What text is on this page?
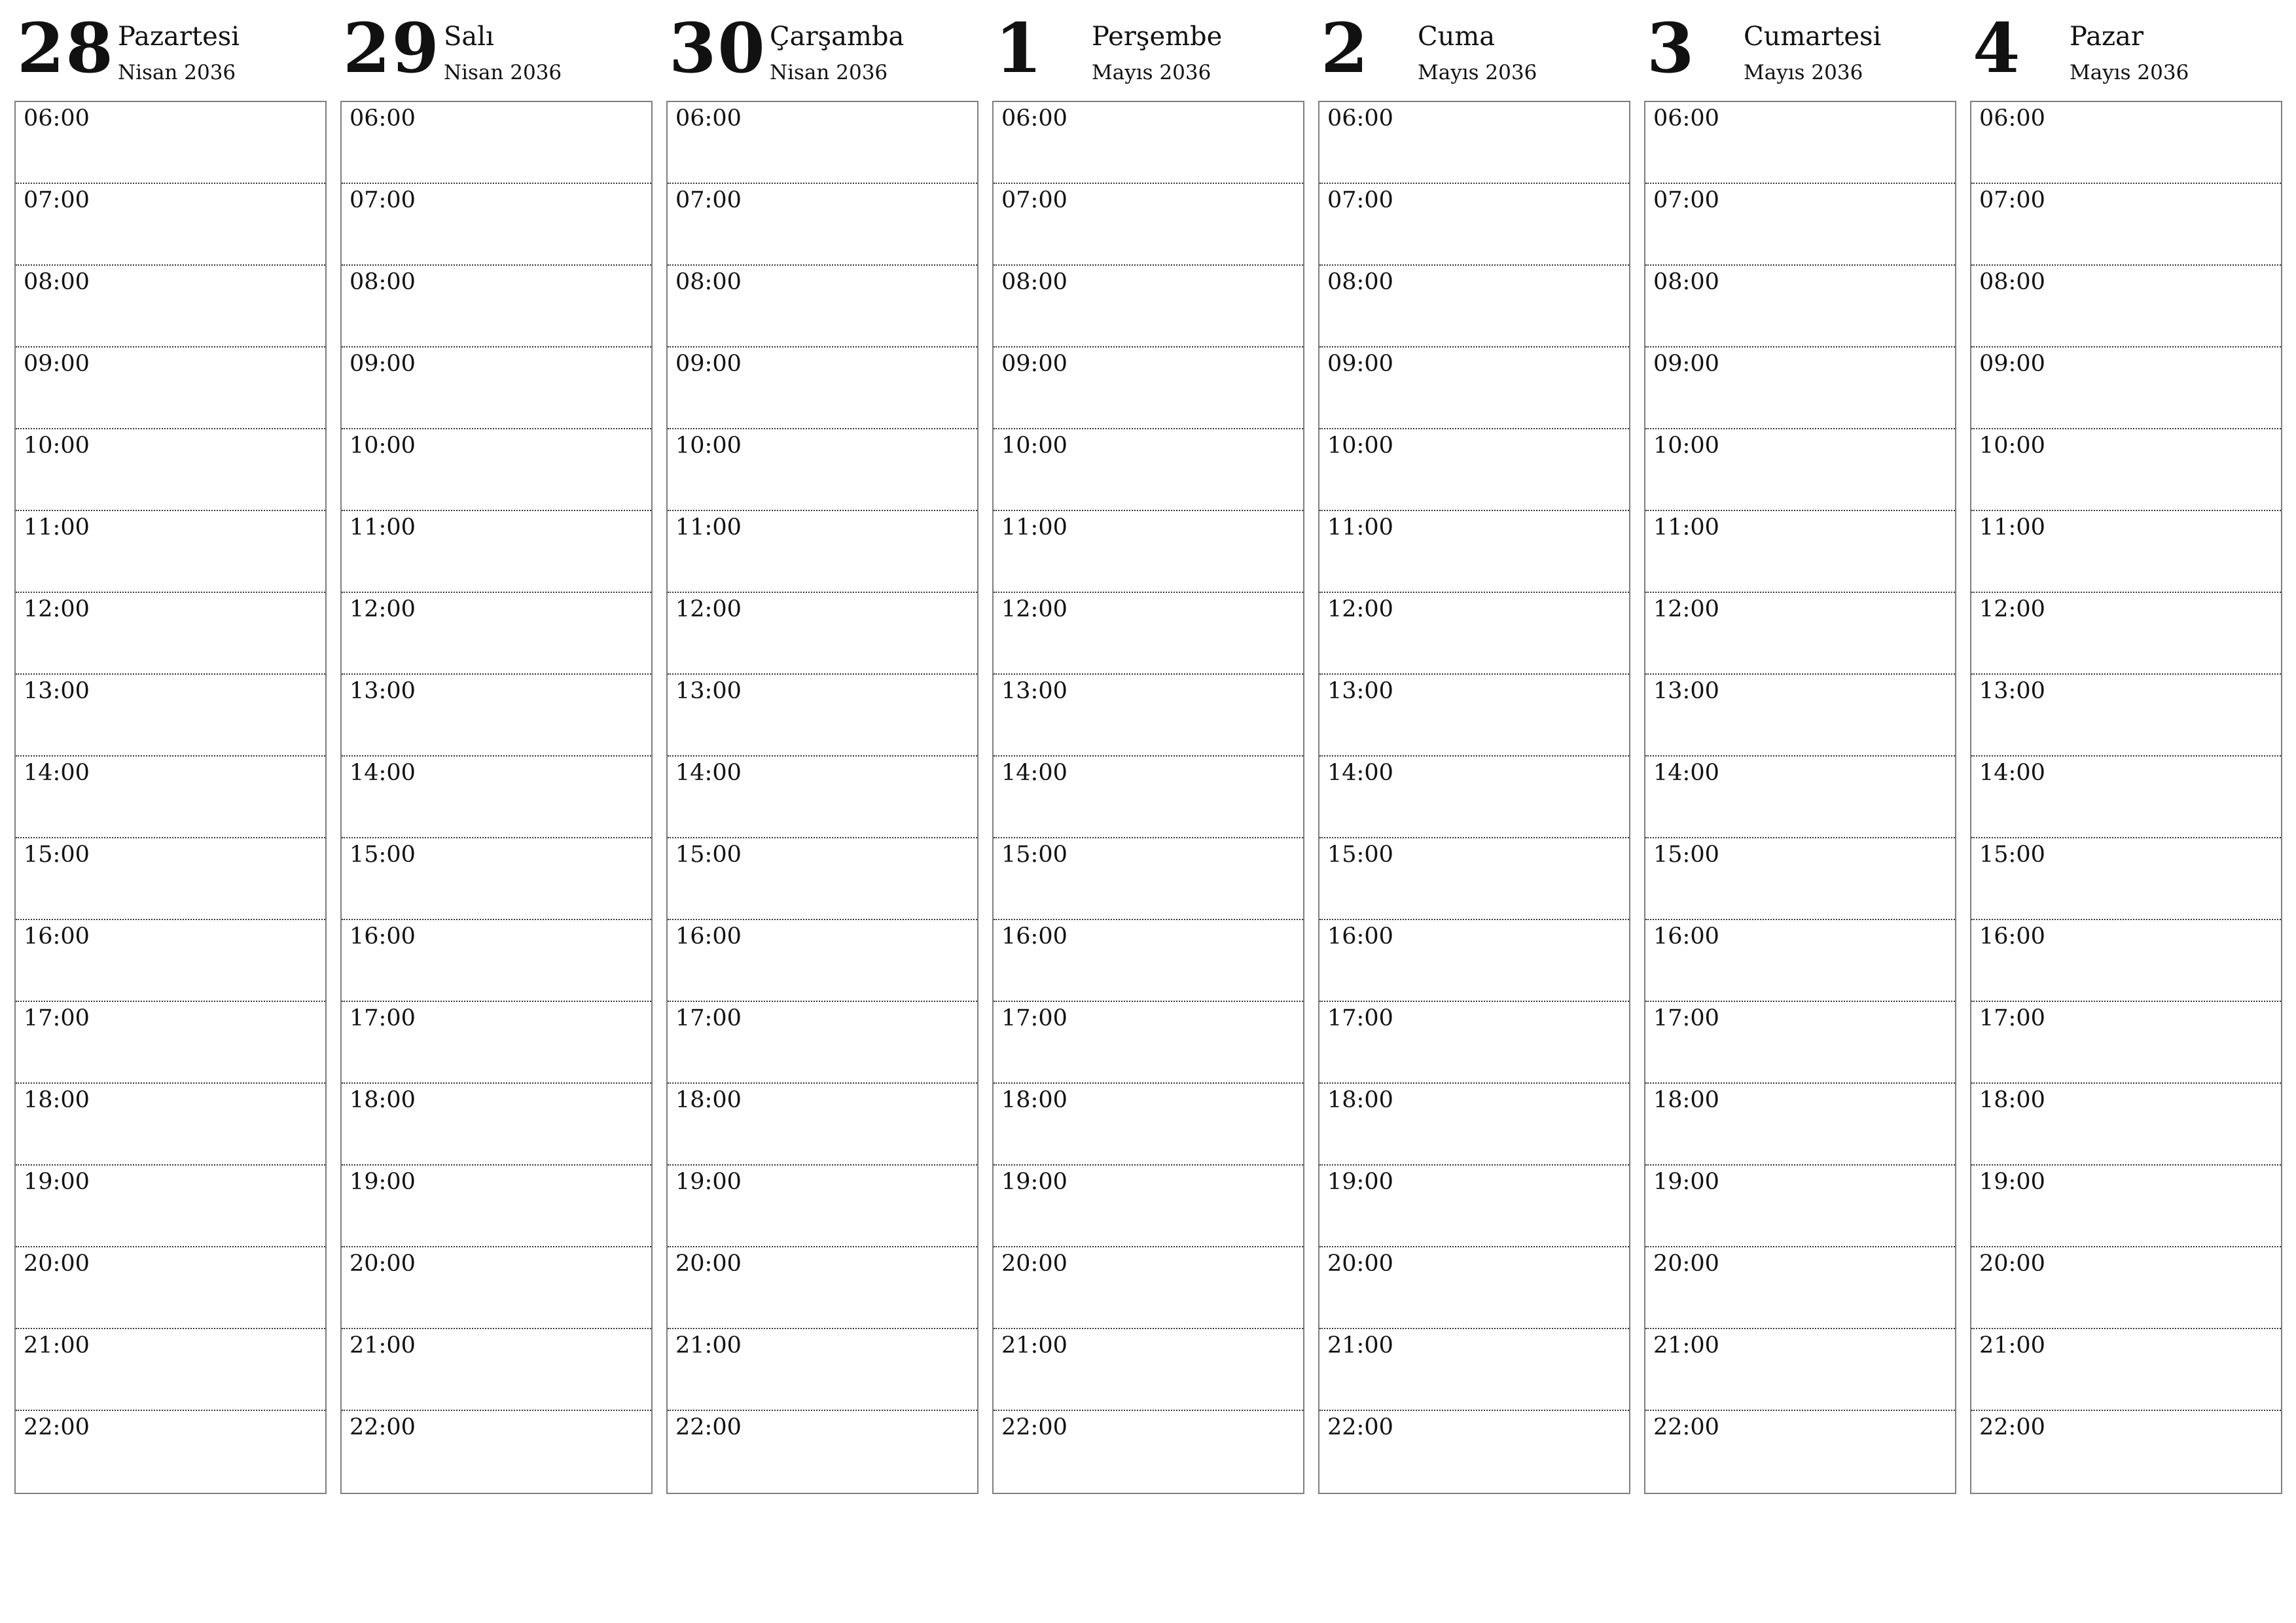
28 Pazartesi
Nisan 2036
06:00
07:00
08:00
09:00
10:00
11:00
12:00
13:00
14:00
15:00
16:00
17:00
18:00
19:00
20:00
21:00
22:00
29 Salı
Nisan 2036
06:00
07:00
08:00
09:00
10:00
11:00
12:00
13:00
14:00
15:00
16:00
17:00
18:00
19:00
20:00
21:00
22:00
30 Çarşamba
Nisan 2036
06:00
07:00
08:00
09:00
10:00
11:00
12:00
13:00
14:00
15:00
16:00
17:00
18:00
19:00
20:00
21:00
22:00
1 Perşembe
Mayıs 2036
06:00
07:00
08:00
09:00
10:00
11:00
12:00
13:00
14:00
15:00
16:00
17:00
18:00
19:00
20:00
21:00
22:00
2 Cuma
Mayıs 2036
06:00
07:00
08:00
09:00
10:00
11:00
12:00
13:00
14:00
15:00
16:00
17:00
18:00
19:00
20:00
21:00
22:00
3 Cumartesi
Mayıs 2036
06:00
07:00
08:00
09:00
10:00
11:00
12:00
13:00
14:00
15:00
16:00
17:00
18:00
19:00
20:00
21:00
22:00
4 Pazar
Mayıs 2036
06:00
07:00
08:00
09:00
10:00
11:00
12:00
13:00
14:00
15:00
16:00
17:00
18:00
19:00
20:00
21:00
22:00
